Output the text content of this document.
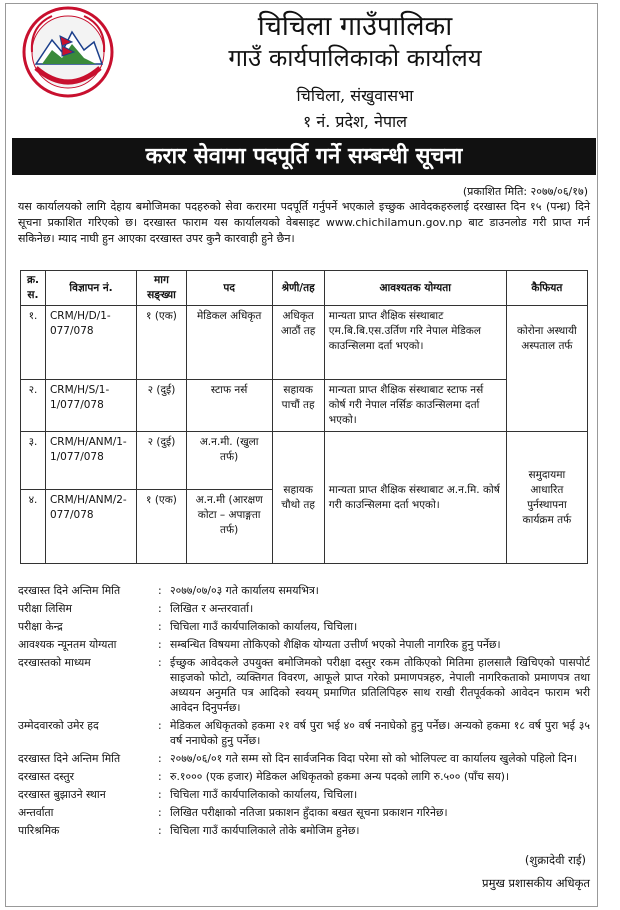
चिचिला गाउँपालिका
गाउँ कार्यपालिकाको कार्यालय
चिचिला, संखुवासभा
१ नं. प्रदेश, नेपाल
करार सेवामा पदपूर्ति गर्ने सम्बन्धी सूचना
(प्रकाशित मिति: २०७७/०६/१७)
यस कार्यालयको लागि देहाय बमोजिमका पदहरुको सेवा करारमा पदपूर्ति गर्नुपर्ने भएकाले इच्छुक आवेदकहरुलाई दरखास्त दिन १५ (पन्ध्र) दिने सूचना प्रकाशित गरिएको छ। दरखास्त फाराम यस कार्यालयको वेबसाइट www.chichilamun.gov.np बाट डाउनलोड गरी प्राप्त गर्न सकिनेछ। म्याद नाघी हुन आएका दरखास्त उपर कुनै कारवाही हुने छैन।
क्र. स.	विज्ञापन नं.	माग सङ्ख्या	पद	श्रेणी/तह	आवश्यतक योग्यता	कैफियत
१.	CRM/H/D/1-077/078	१ (एक)	मेडिकल अधिकृत	अधिकृत आठौं तह	मान्यता प्राप्त शैक्षिक संस्थाबाट एम.बि.बि.एस.उर्तिण गरि नेपाल मेडिकल काउन्सिलमा दर्ता भएको।	कोरोना अस्थायी अस्पताल तर्फ
२.	CRM/H/S/1-1/077/078	२ (दुई)	स्टाफ नर्स	सहायक पाचौं तह	मान्यता प्राप्त शैक्षिक संस्थाबाट स्टाफ नर्स कोर्ष गरी नेपाल नर्सिङ काउन्सिलमा दर्ता भएको।	
३.	CRM/H/ANM/1-1/077/078	२ (दुई)	अ.न.मी. (खुला तर्फ)	सहायक चौथो तह	मान्यता प्राप्त शैक्षिक संस्थाबाट अ.न.मि. कोर्ष गरी काउन्सिलमा दर्ता भएको।	समुदायमा आधारित पुर्नस्थापना कार्यक्रम तर्फ
४.	CRM/H/ANM/2-077/078	१ (एक)	अ.न.मी (आरक्षण कोटा – अपाङ्गता तर्फ)			
दरखास्त दिने अन्तिम मिति	: २०७७/०७/०३ गते कार्यालय समयभित्र।
परीक्षा लिसिम	: लिखित र अन्तरवार्ता।
परीक्षा केन्द्र	: चिचिला गाउँ कार्यपालिकाको कार्यालय, चिचिला।
आवश्यक न्यूनतम योग्यता	: सम्बन्धित विषयमा तोकिएको शैक्षिक योग्यता उत्तीर्ण भएको नेपाली नागरिक हुनु पर्नेछ।
दरखास्तको माध्यम	: ईच्छुक आवेदकले उपयुक्त बमोजिमको परीक्षा दस्तुर रकम तोकिएको मितिमा हालसालै खिचिएको पासपोर्ट साइजको फोटो, व्यक्तिगत विवरण, आफूले प्राप्त गरेको प्रमाणपत्रहरु, नेपाली नागरिकताको प्रमाणपत्र तथा अध्ययन अनुमति पत्र आदिको स्वयम् प्रमाणित प्रतिलिपिहरु साथ राखी रीतपूर्वकको आवेदन फाराम भरी आवेदन दिनुपर्नछ।
उम्मेदवारको उमेर हद	: मेडिकल अधिकृतको हकमा २१ वर्ष पुरा भई ४० वर्ष ननाघेको हुनु पर्नेछ। अन्यको हकमा १८ वर्ष पुरा भई ३५ वर्ष ननाघेको हुनु पर्नेछ।
दरखास्त दिने अन्तिम मिति	: २०७७/०६/०१ गते सम्म सो दिन सार्वजनिक विदा परेमा सो को भोलिपल्ट वा कार्यालय खुलेको पहिलो दिन।
दरखास्त दस्तुर	: रु.१००० (एक हजार) मेडिकल अधिकृतको हकमा अन्य पदको लागि रु.५०० (पाँच सय)।
दरखास्त बुझाउने स्थान	: चिचिला गाउँ कार्यपालिकाको कार्यालय, चिचिला।
अन्तर्वाता	: लिखित परीक्षाको नतिजा प्रकाशन हुँदाका बखत सूचना प्रकाशन गरिनेछ।
पारिश्रमिक	: चिचिला गाउँ कार्यपालिकाले तोके बमोजिम हुनेछ।
(शुक्रादेवी राई)
प्रमुख प्रशासकीय अधिकृत
